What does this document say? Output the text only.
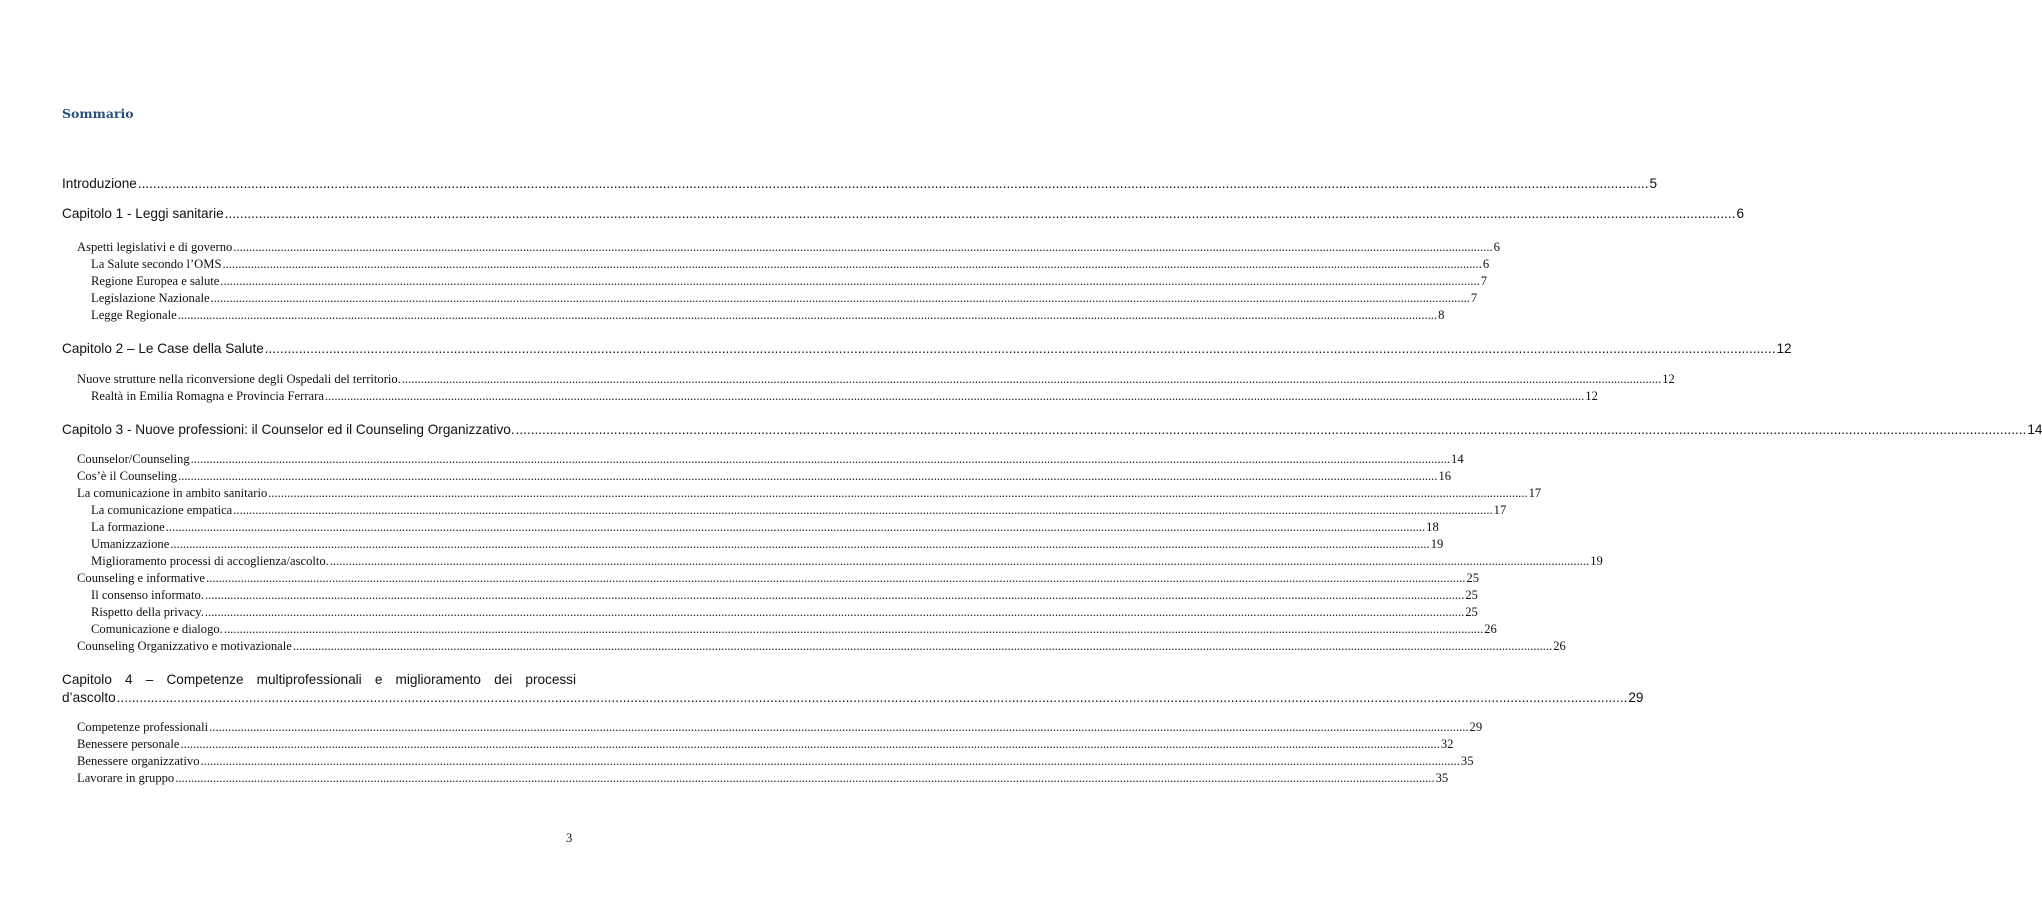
Sommario
Introduzione ................................................................................................................................................................................................................................................................................................................................................................................................................ 5
Capitolo 1 - Leggi sanitarie ................................................................................................................................................................................................................................................................................................................................................................................................................ 6
Aspetti legislativi e di governo ................................................................................................................................................................................................................................................................................................................................................................................................................ 6
La Salute secondo l’OMS ................................................................................................................................................................................................................................................................................................................................................................................................................ 6
Regione Europea e salute ................................................................................................................................................................................................................................................................................................................................................................................................................ 7
Legislazione Nazionale ................................................................................................................................................................................................................................................................................................................................................................................................................ 7
Legge Regionale ................................................................................................................................................................................................................................................................................................................................................................................................................ 8
Capitolo 2 – Le Case della Salute ................................................................................................................................................................................................................................................................................................................................................................................................................ 12
Nuove strutture nella riconversione degli Ospedali del territorio. ................................................................................................................................................................................................................................................................................................................................................................................................................ 12
Realtà in Emilia Romagna e Provincia Ferrara ................................................................................................................................................................................................................................................................................................................................................................................................................ 12
Capitolo 3 - Nuove professioni: il Counselor ed il Counseling Organizzativo. ................................................................................................................................................................................................................................................................................................................................................................................................................ 14
Counselor/Counseling ................................................................................................................................................................................................................................................................................................................................................................................................................ 14
Cos’è il Counseling ................................................................................................................................................................................................................................................................................................................................................................................................................ 16
La comunicazione in ambito sanitario ................................................................................................................................................................................................................................................................................................................................................................................................................ 17
La comunicazione empatica ................................................................................................................................................................................................................................................................................................................................................................................................................ 17
La formazione ................................................................................................................................................................................................................................................................................................................................................................................................................ 18
Umanizzazione ................................................................................................................................................................................................................................................................................................................................................................................................................ 19
Miglioramento processi di accoglienza/ascolto. ................................................................................................................................................................................................................................................................................................................................................................................................................ 19
Counseling e informative ................................................................................................................................................................................................................................................................................................................................................................................................................ 25
Il consenso informato. ................................................................................................................................................................................................................................................................................................................................................................................................................ 25
Rispetto della privacy. ................................................................................................................................................................................................................................................................................................................................................................................................................ 25
Comunicazione e dialogo. ................................................................................................................................................................................................................................................................................................................................................................................................................ 26
Counseling Organizzativo e motivazionale ................................................................................................................................................................................................................................................................................................................................................................................................................ 26
Capitolo 4 – Competenze multiprofessionali e miglioramento dei processi
d’ascolto ................................................................................................................................................................................................................................................................................................................................................................................................................ 29
Competenze professionali ................................................................................................................................................................................................................................................................................................................................................................................................................ 29
Benessere personale ................................................................................................................................................................................................................................................................................................................................................................................................................ 32
Benessere organizzativo ................................................................................................................................................................................................................................................................................................................................................................................................................ 35
Lavorare in gruppo ................................................................................................................................................................................................................................................................................................................................................................................................................ 35
3
